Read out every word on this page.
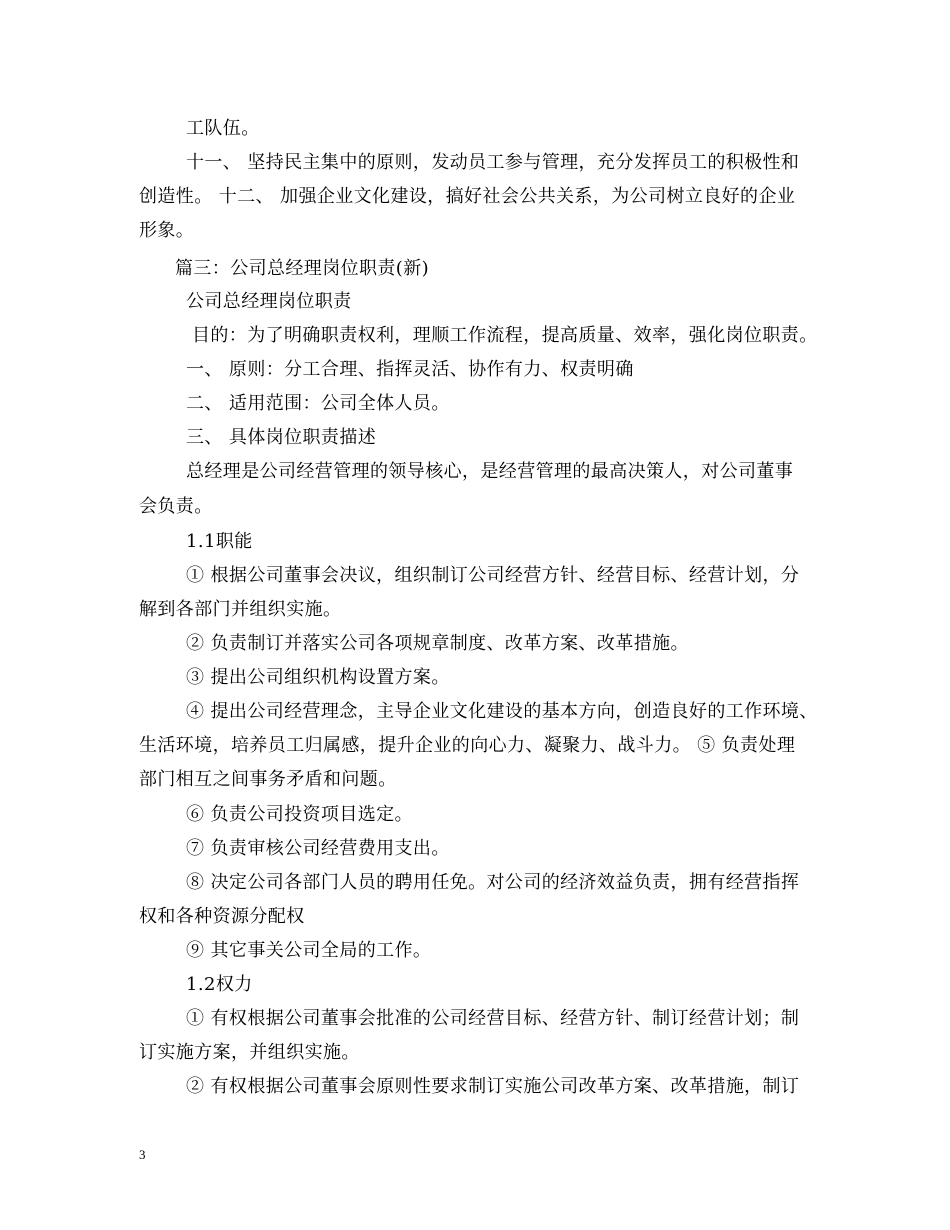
工队伍。
十一、 坚持民主集中的原则，发动员工参与管理，充分发挥员工的积极性和
创造性。 十二、 加强企业文化建设，搞好社会公共关系，为公司树立良好的企业
形象。
篇三：公司总经理岗位职责(新)
公司总经理岗位职责
目的：为了明确职责权利，理顺工作流程，提高质量、效率，强化岗位职责。
一、 原则：分工合理、指挥灵活、协作有力、权责明确
二、 适用范围：公司全体人员。
三、 具体岗位职责描述
总经理是公司经营管理的领导核心，是经营管理的最高决策人，对公司董事
会负责。
1.1职能
① 根据公司董事会决议，组织制订公司经营方针、经营目标、经营计划，分
解到各部门并组织实施。
② 负责制订并落实公司各项规章制度、改革方案、改革措施。
③ 提出公司组织机构设置方案。
④ 提出公司经营理念，主导企业文化建设的基本方向，创造良好的工作环境、
生活环境，培养员工归属感，提升企业的向心力、凝聚力、战斗力。 ⑤ 负责处理
部门相互之间事务矛盾和问题。
⑥ 负责公司投资项目选定。
⑦ 负责审核公司经营费用支出。
⑧ 决定公司各部门人员的聘用任免。对公司的经济效益负责，拥有经营指挥
权和各种资源分配权
⑨ 其它事关公司全局的工作。
1.2权力
① 有权根据公司董事会批准的公司经营目标、经营方针、制订经营计划；制
订实施方案，并组织实施。
② 有权根据公司董事会原则性要求制订实施公司改革方案、改革措施，制订
3
